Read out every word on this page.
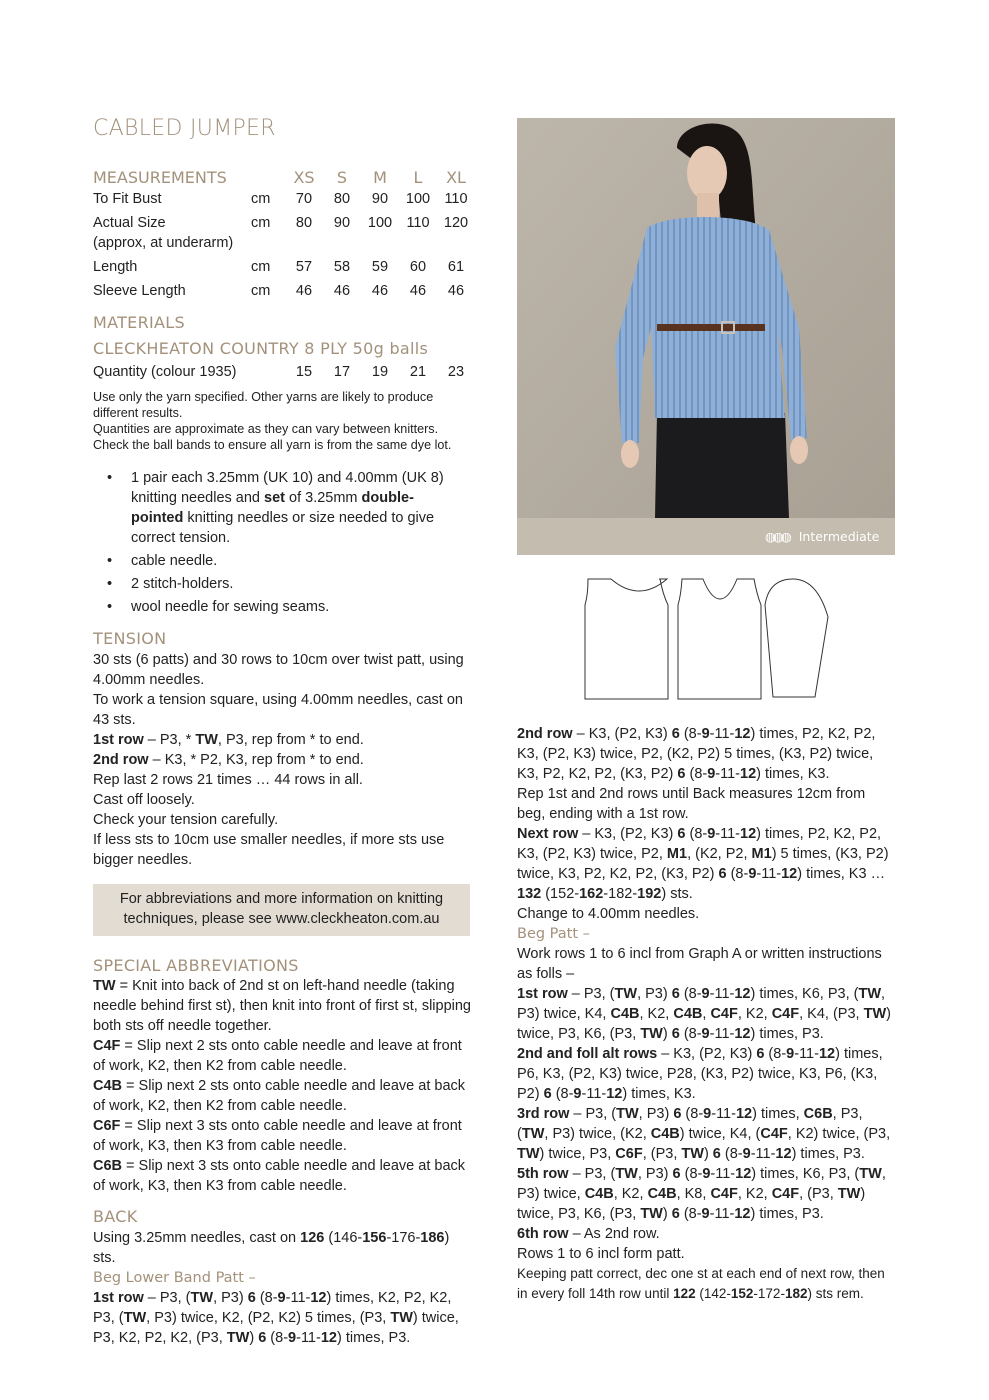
CABLED JUMPER
MEASUREMENTS		XS	S	M	L	XL
To Fit Bust	cm	70	80	90	100	110
Actual Size	cm	80	90	100	110	120
(approx, at underarm)						
Length	cm	57	58	59	60	61
Sleeve Length	cm	46	46	46	46	46
MATERIALS
CLECKHEATON COUNTRY 8 PLY 50g balls
Quantity (colour 1935)	15	17	19	21	23
Use only the yarn specified. Other yarns are likely to produce different results.
Quantities are approximate as they can vary between knitters. Check the ball bands to ensure all yarn is from the same dye lot.
• 1 pair each 3.25mm (UK 10) and 4.00mm (UK 8) knitting needles and set of 3.25mm double-pointed knitting needles or size needed to give correct tension.
• cable needle.
• 2 stitch-holders.
• wool needle for sewing seams.
TENSION
30 sts (6 patts) and 30 rows to 10cm over twist patt, using 4.00mm needles.
To work a tension square, using 4.00mm needles, cast on 43 sts.
1st row – P3, * TW, P3, rep from * to end.
2nd row – K3, * P2, K3, rep from * to end.
Rep last 2 rows 21 times … 44 rows in all.
Cast off loosely.
Check your tension carefully.
If less sts to 10cm use smaller needles, if more sts use bigger needles.
For abbreviations and more information on knitting
techniques, please see www.cleckheaton.com.au
SPECIAL ABBREVIATIONS
TW = Knit into back of 2nd st on left-hand needle (taking needle behind first st), then knit into front of first st, slipping both sts off needle together.
C4F = Slip next 2 sts onto cable needle and leave at front of work, K2, then K2 from cable needle.
C4B = Slip next 2 sts onto cable needle and leave at back of work, K2, then K2 from cable needle.
C6F = Slip next 3 sts onto cable needle and leave at front of work, K3, then K3 from cable needle.
C6B = Slip next 3 sts onto cable needle and leave at back of work, K3, then K3 from cable needle.
BACK
Using 3.25mm needles, cast on 126 (146-156-176-186) sts.
Beg Lower Band Patt –
1st row – P3, (TW, P3) 6 (8-9-11-12) times, K2, P2, K2, P3, (TW, P3) twice, K2, (P2, K2) 5 times, (P3, TW) twice, P3, K2, P2, K2, (P3, TW) 6 (8-9-11-12) times, P3.
◍◍◍ Intermediate
2nd row – K3, (P2, K3) 6 (8-9-11-12) times, P2, K2, P2, K3, (P2, K3) twice, P2, (K2, P2) 5 times, (K3, P2) twice, K3, P2, K2, P2, (K3, P2) 6 (8-9-11-12) times, K3.
Rep 1st and 2nd rows until Back measures 12cm from beg, ending with a 1st row.
Next row – K3, (P2, K3) 6 (8-9-11-12) times, P2, K2, P2, K3, (P2, K3) twice, P2, M1, (K2, P2, M1) 5 times, (K3, P2) twice, K3, P2, K2, P2, (K3, P2) 6 (8-9-11-12) times, K3 … 132 (152-162-182-192) sts.
Change to 4.00mm needles.
Beg Patt –
Work rows 1 to 6 incl from Graph A or written instructions as folls –
1st row – P3, (TW, P3) 6 (8-9-11-12) times, K6, P3, (TW, P3) twice, K4, C4B, K2, C4B, C4F, K2, C4F, K4, (P3, TW) twice, P3, K6, (P3, TW) 6 (8-9-11-12) times, P3.
2nd and foll alt rows – K3, (P2, K3) 6 (8-9-11-12) times, P6, K3, (P2, K3) twice, P28, (K3, P2) twice, K3, P6, (K3, P2) 6 (8-9-11-12) times, K3.
3rd row – P3, (TW, P3) 6 (8-9-11-12) times, C6B, P3, (TW, P3) twice, (K2, C4B) twice, K4, (C4F, K2) twice, (P3, TW) twice, P3, C6F, (P3, TW) 6 (8-9-11-12) times, P3.
5th row – P3, (TW, P3) 6 (8-9-11-12) times, K6, P3, (TW, P3) twice, C4B, K2, C4B, K8, C4F, K2, C4F, (P3, TW) twice, P3, K6, (P3, TW) 6 (8-9-11-12) times, P3.
6th row – As 2nd row.
Rows 1 to 6 incl form patt.
Keeping patt correct, dec one st at each end of next row, then in every foll 14th row until 122 (142-152-172-182) sts rem.
